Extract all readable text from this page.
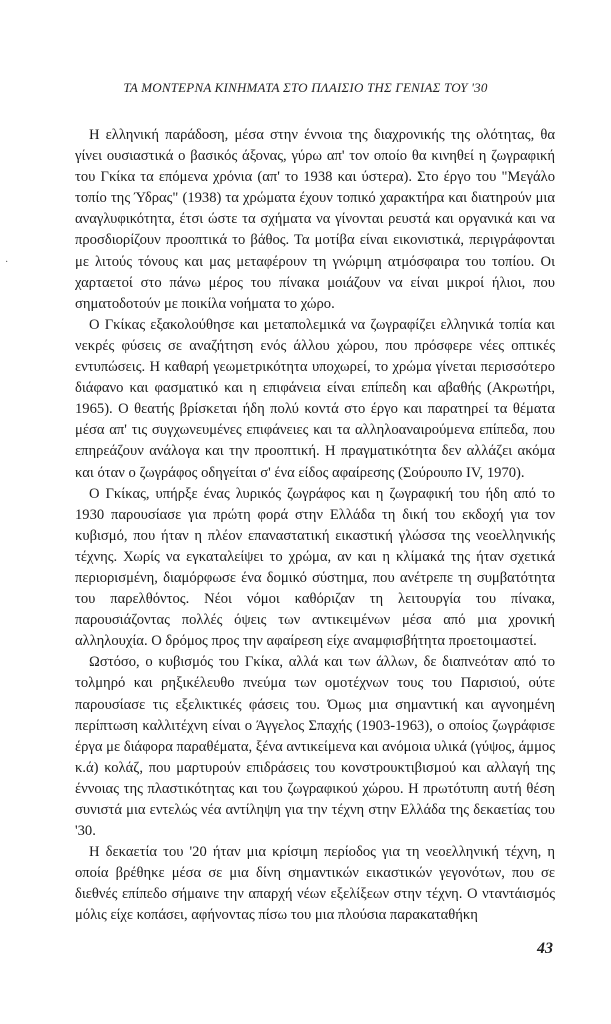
ΤΑ ΜΟΝΤΕΡΝΑ ΚΙΝΗΜΑΤΑ ΣΤΟ ΠΛΑΙΣΙΟ ΤΗΣ ΓΕΝΙΑΣ ΤΟΥ '30
·

Η ελληνική παράδοση, μέσα στην έννοια της διαχρονικής της ολότητας, θα γίνει ουσιαστικά ο βασικός άξονας, γύρω απ' τον οποίο θα κινηθεί η ζωγραφική του Γκίκα τα επόμενα χρόνια (απ' το 1938 και ύστερα). Στο έργο του "Μεγάλο τοπίο της Ύδρας" (1938) τα χρώματα έχουν τοπικό χαρακτήρα και διατηρούν μια αναγλυφικότητα, έτσι ώστε τα σχήματα να γίνονται ρευστά και οργανικά και να προσδιορίζουν προοπτικά το βάθος. Τα μοτίβα είναι εικονιστικά, περιγράφονται με λιτούς τόνους και μας μεταφέρουν τη γνώριμη ατμόσφαιρα του τοπίου. Οι χαρταετοί στο πάνω μέρος του πίνακα μοιάζουν να είναι μικροί ήλιοι, που σηματοδοτούν με ποικίλα νοήματα το χώρο.

Ο Γκίκας εξακολούθησε και μεταπολεμικά να ζωγραφίζει ελληνικά τοπία και νεκρές φύσεις σε αναζήτηση ενός άλλου χώρου, που πρόσφερε νέες οπτικές εντυπώσεις. Η καθαρή γεωμετρικότητα υποχωρεί, το χρώμα γίνεται περισσότερο διάφανο και φασματικό και η επιφάνεια είναι επίπεδη και αβαθής (Ακρωτήρι, 1965). Ο θεατής βρίσκεται ήδη πολύ κοντά στο έργο και παρατηρεί τα θέματα μέσα απ' τις συγχωνευμένες επιφάνειες και τα αλληλοαναιρούμενα επίπεδα, που επηρεάζουν ανάλογα και την προοπτική. Η πραγματικότητα δεν αλλάζει ακόμα και όταν ο ζωγράφος οδηγείται σ' ένα είδος αφαίρεσης (Σούρουπο IV, 1970).

Ο Γκίκας, υπήρξε ένας λυρικός ζωγράφος και η ζωγραφική του ήδη από το 1930 παρουσίασε για πρώτη φορά στην Ελλάδα τη δική του εκδοχή για τον κυβισμό, που ήταν η πλέον επαναστατική εικαστική γλώσσα της νεοελληνικής τέχνης. Χωρίς να εγκαταλείψει το χρώμα, αν και η κλίμακά της ήταν σχετικά περιορισμένη, διαμόρφωσε ένα δομικό σύστημα, που ανέτρεπε τη συμβατότητα του παρελθόντος. Νέοι νόμοι καθόριζαν τη λειτουργία του πίνακα, παρουσιάζοντας πολλές όψεις των αντικειμένων μέσα από μια χρονική αλληλουχία. Ο δρόμος προς την αφαίρεση είχε αναμφισβήτητα προετοιμαστεί.

Ωστόσο, ο κυβισμός του Γκίκα, αλλά και των άλλων, δε διαπνεόταν από το τολμηρό και ρηξικέλευθο πνεύμα των ομοτέχνων τους του Παρισιού, ούτε παρουσίασε τις εξελικτικές φάσεις του. Όμως μια σημαντική και αγνοημένη περίπτωση καλλιτέχνη είναι ο Άγγελος Σπαχής (1903-1963), ο οποίος ζωγράφισε έργα με διάφορα παραθέματα, ξένα αντικείμενα και ανόμοια υλικά (γύψος, άμμος κ.ά) κολάζ, που μαρτυρούν επιδράσεις του κονστρουκτιβισμού και αλλαγή της έννοιας της πλαστικότητας και του ζωγραφικού χώρου. Η πρωτότυπη αυτή θέση συνιστά μια εντελώς νέα αντίληψη για την τέχνη στην Ελλάδα της δεκαετίας του '30.

Η δεκαετία του '20 ήταν μια κρίσιμη περίοδος για τη νεοελληνική τέχνη, η οποία βρέθηκε μέσα σε μια δίνη σημαντικών εικαστικών γεγονότων, που σε διεθνές επίπεδο σήμαινε την απαρχή νέων εξελίξεων στην τέχνη. Ο νταντάισμός μόλις είχε κοπάσει, αφήνοντας πίσω του μια πλούσια παρακαταθήκη

43
